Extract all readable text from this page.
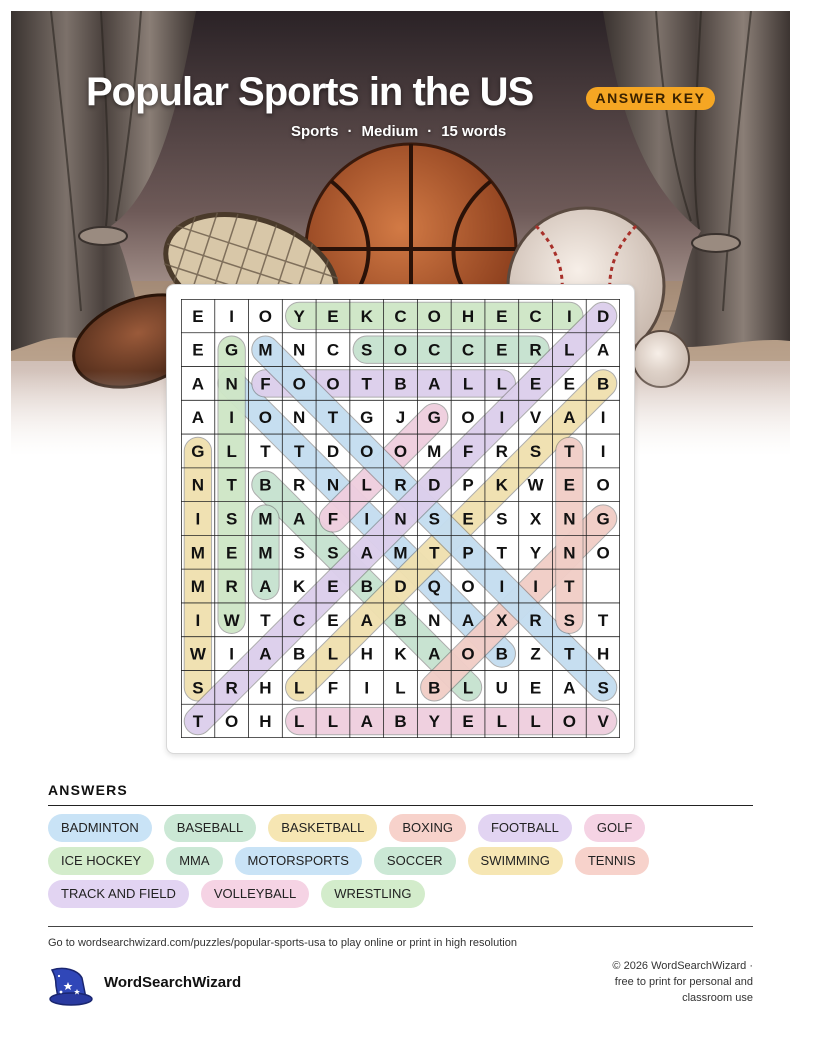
Popular Sports in the US	ANSWER KEY
Sports · Medium · 15 words
E I O Y E K C O H E C I D
E G M N C S O C C E R L A
A N F O O T B A L L E E B
A I O N T G J G O I V A I
G L T T D O O M F R S T I
N T B R N L R D P K W E O
I S M A F I N S E S X N G
M E M S S A M T P T Y N O
M R A K E B D Q O I I T
I W T C E A B N A X R S T
W I A B L H K A O B Z T H
S R H L F I L B L U E A S
T O H L L A B Y E L L O V
ANSWERS
BADMINTON	BASEBALL	BASKETBALL	BOXING	FOOTBALL	GOLF
ICE HOCKEY	MMA	MOTORSPORTS	SOCCER	SWIMMING	TENNIS
TRACK AND FIELD	VOLLEYBALL	WRESTLING
Go to wordsearchwizard.com/puzzles/popular-sports-usa to play online or print in high resolution
WordSearchWizard
© 2026 WordSearchWizard ·
free to print for personal and
classroom use
